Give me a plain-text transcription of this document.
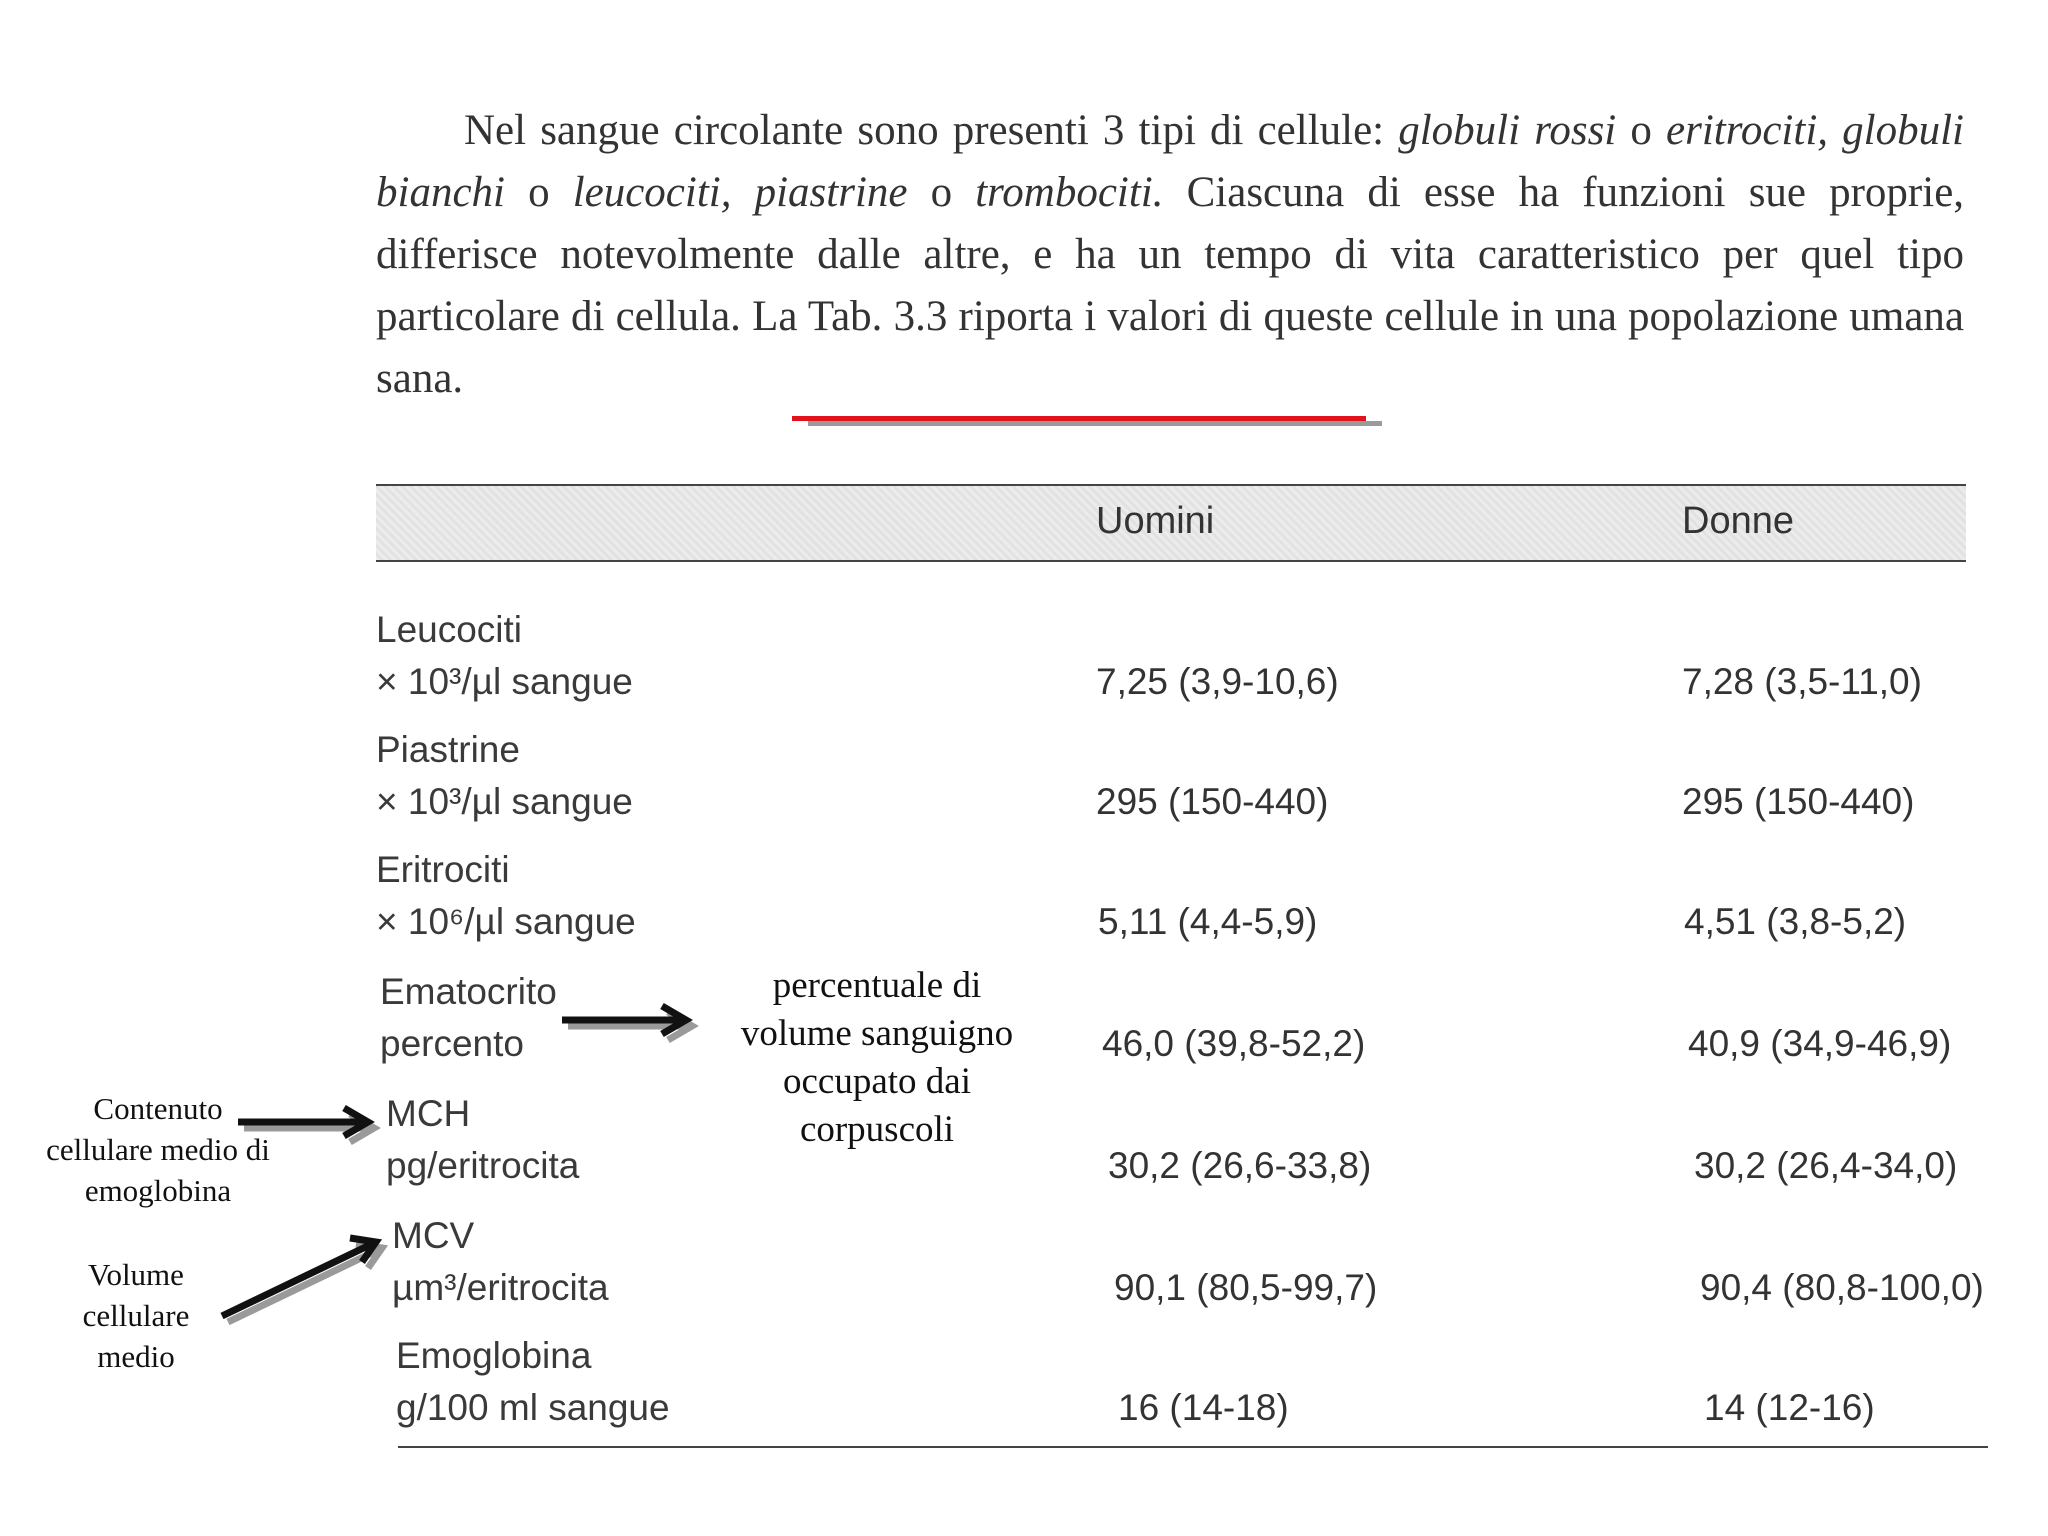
Nel sangue circolante sono presenti 3 tipi di cellule: globuli rossi o eritrociti, globuli bianchi o leucociti, piastrine o trombociti. Ciascuna di esse ha funzioni sue proprie, differisce notevolmente dalle altre, e ha un tempo di vita caratteristico per quel tipo particolare di cellula. La Tab. 3.3 riporta i valori di queste cellule in una popolazione umana sana.

Uomini	Donne
Leucociti
× 10³/µl sangue	7,25 (3,9-10,6)	7,28 (3,5-11,0)
Piastrine
× 10³/µl sangue	295 (150-440)	295 (150-440)
Eritrociti
× 10⁶/µl sangue	5,11 (4,4-5,9)	4,51 (3,8-5,2)
Ematocrito
percento	46,0 (39,8-52,2)	40,9 (34,9-46,9)
MCH
pg/eritrocita	30,2 (26,6-33,8)	30,2 (26,4-34,0)
MCV
µm³/eritrocita	90,1 (80,5-99,7)	90,4 (80,8-100,0)
Emoglobina
g/100 ml sangue	16 (14-18)	14 (12-16)
percentuale di
volume sanguigno
occupato dai
corpuscoli
Contenuto
cellulare medio di
emoglobina
Volume
cellulare
medio
